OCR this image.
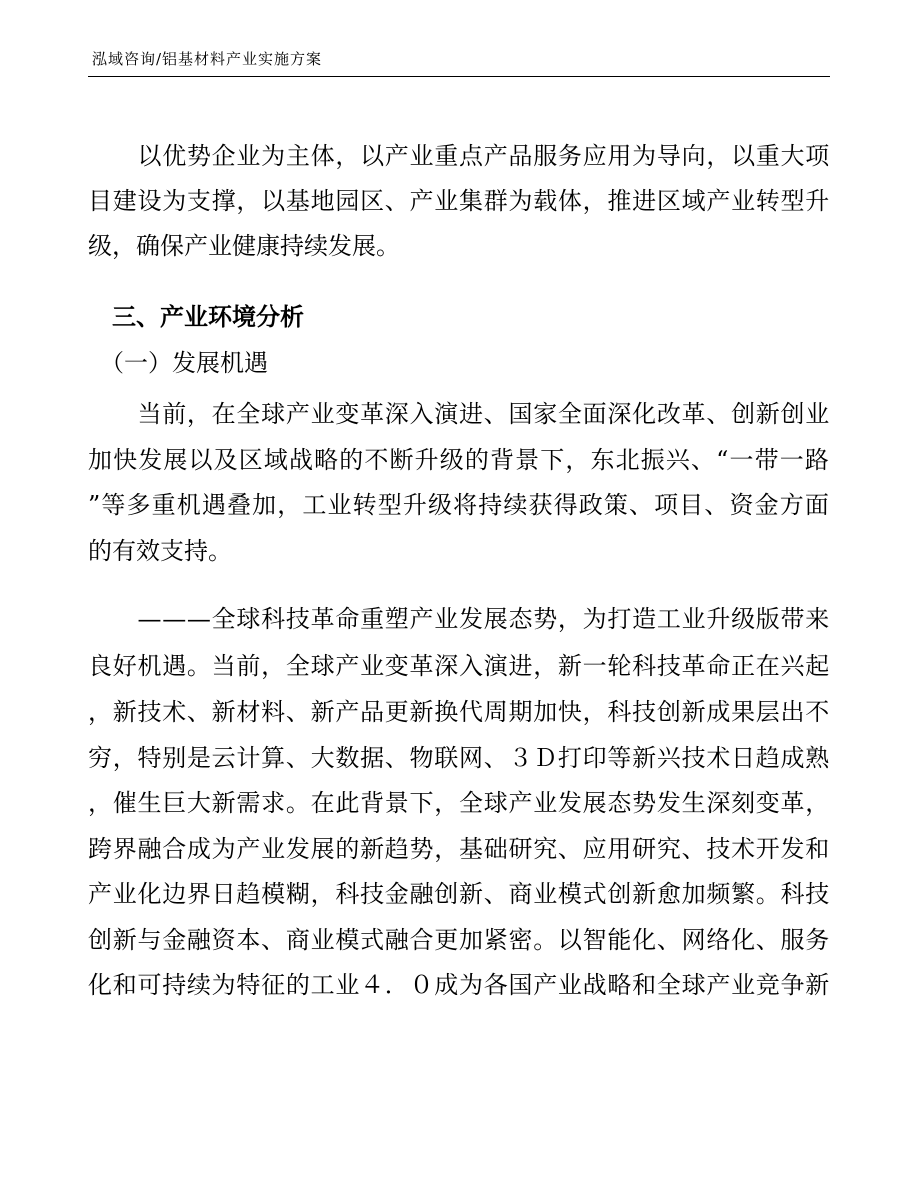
泓域咨询/铝基材料产业实施方案
　　以优势企业为主体，以产业重点产品服务应用为导向，以重大项
目建设为支撑，以基地园区、产业集群为载体，推进区域产业转型升
级，确保产业健康持续发展。
　三、产业环境分析
　（一）发展机遇
　　当前，在全球产业变革深入演进、国家全面深化改革、创新创业
加快发展以及区域战略的不断升级的背景下，东北振兴、“一带一路
”等多重机遇叠加，工业转型升级将持续获得政策、项目、资金方面
的有效支持。
　　———全球科技革命重塑产业发展态势，为打造工业升级版带来
良好机遇。当前，全球产业变革深入演进，新一轮科技革命正在兴起
，新技术、新材料、新产品更新换代周期加快，科技创新成果层出不
穷，特别是云计算、大数据、物联网、３Ｄ打印等新兴技术日趋成熟
，催生巨大新需求。在此背景下，全球产业发展态势发生深刻变革，
跨界融合成为产业发展的新趋势，基础研究、应用研究、技术开发和
产业化边界日趋模糊，科技金融创新、商业模式创新愈加频繁。科技
创新与金融资本、商业模式融合更加紧密。以智能化、网络化、服务
化和可持续为特征的工业４．０成为各国产业战略和全球产业竞争新
